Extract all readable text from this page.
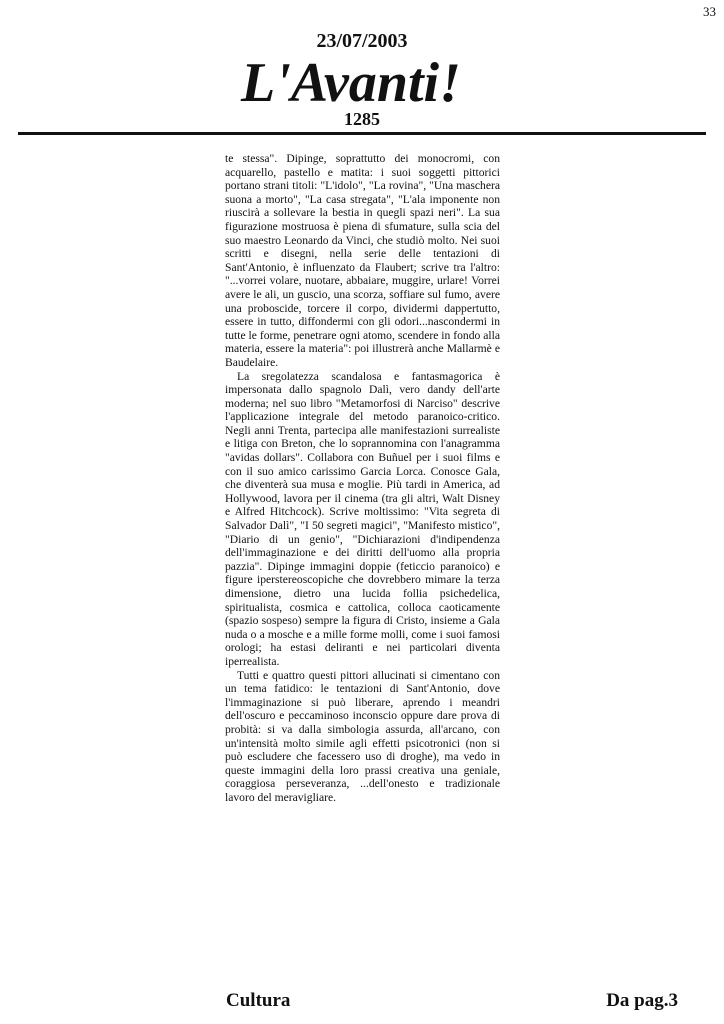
33
23/07/2003
L'Avanti!
1285

te stessa". Dipinge, soprattutto dei monocromi, con acquarello, pastello e matita: i suoi soggetti pittorici portano strani titoli: "L'idolo", "La rovina", "Una maschera suona a morto", "La casa stregata", "L'ala imponente non riuscirà a sollevare la bestia in quegli spazi neri". La sua figurazione mostruosa è piena di sfumature, sulla scia del suo maestro Leonardo da Vinci, che studiò molto. Nei suoi scritti e disegni, nella serie delle tentazioni di Sant'Antonio, è influenzato da Flaubert; scrive tra l'altro: "...vorrei volare, nuotare, abbaiare, muggire, urlare! Vorrei avere le ali, un guscio, una scorza, soffiare sul fumo, avere una proboscide, torcere il corpo, dividermi dappertutto, essere in tutto, diffondermi con gli odori...nascondermi in tutte le forme, penetrare ogni atomo, scendere in fondo alla materia, essere la materia": poi illustrerà anche Mallarmè e Baudelaire.

La sregolatezza scandalosa e fantasmagorica è impersonata dallo spagnolo Dalì, vero dandy dell'arte moderna; nel suo libro "Metamorfosi di Narciso" descrive l'applicazione integrale del metodo paranoico-critico. Negli anni Trenta, partecipa alle manifestazioni surrealiste e litiga con Breton, che lo soprannomina con l'anagramma "avidas dollars". Collabora con Buñuel per i suoi films e con il suo amico carissimo Garcia Lorca. Conosce Gala, che diventerà sua musa e moglie. Più tardi in America, ad Hollywood, lavora per il cinema (tra gli altri, Walt Disney e Alfred Hitchcock). Scrive moltissimo: "Vita segreta di Salvador Dalì", "I 50 segreti magici", "Manifesto mistico", "Diario di un genio", "Dichiarazioni d'indipendenza dell'immaginazione e dei diritti dell'uomo alla propria pazzia". Dipinge immagini doppie (feticcio paranoico) e figure iperstereoscopiche che dovrebbero mimare la terza dimensione, dietro una lucida follia psichedelica, spiritualista, cosmica e cattolica, colloca caoticamente (spazio sospeso) sempre la figura di Cristo, insieme a Gala nuda o a mosche e a mille forme molli, come i suoi famosi orologi; ha estasi deliranti e nei particolari diventa iperrealista.

Tutti e quattro questi pittori allucinati si cimentano con un tema fatidico: le tentazioni di Sant'Antonio, dove l'immaginazione si può liberare, aprendo i meandri dell'oscuro e peccaminoso inconscio oppure dare prova di probità: si va dalla simbologia assurda, all'arcano, con un'intensità molto simile agli effetti psicotronici (non si può escludere che facessero uso di droghe), ma vedo in queste immagini della loro prassi creativa una geniale, coraggiosa perseveranza, ...dell'onesto e tradizionale lavoro del meravigliare.

Cultura	Da pag.3
